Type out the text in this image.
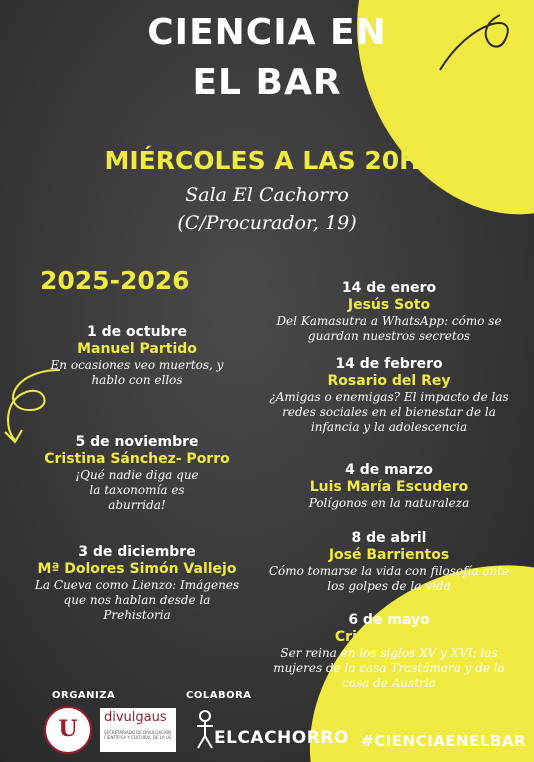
CIENCIA EN
EL BAR
MIÉRCOLES A LAS 20H.
Sala El Cachorro
(C/Procurador, 19)
2025-2026
1 de octubre
Manuel Partido
En ocasiones veo muertos, y hablo con ellos
5 de noviembre
Cristina Sánchez- Porro
¡Qué nadie diga que la taxonomía es aburrida!
3 de diciembre
Mª Dolores Simón Vallejo
La Cueva como Lienzo: Imágenes que nos hablan desde la Prehistoria
14 de enero
Jesús Soto
Del Kamasutra a WhatsApp: cómo se guardan nuestros secretos
14 de febrero
Rosario del Rey
¿Amigas o enemigas? El impacto de las redes sociales en el bienestar de la infancia y la adolescencia
4 de marzo
Luis María Escudero
Polígonos en la naturaleza
8 de abril
José Barrientos
Cómo tomarse la vida con filosofía ante los golpes de la vida
6 de mayo
Cristina Moya
Ser reina en los siglos XV y XVI: las mujeres de la casa Trastámara y de la casa de Austria
ORGANIZA	COLABORA
U	divulgaus
SECRETARIADO DE DIVULGACIÓN CIENTÍFICA Y CULTURAL DE LA US	ELCACHORRO #CIENCIAENELBAR
